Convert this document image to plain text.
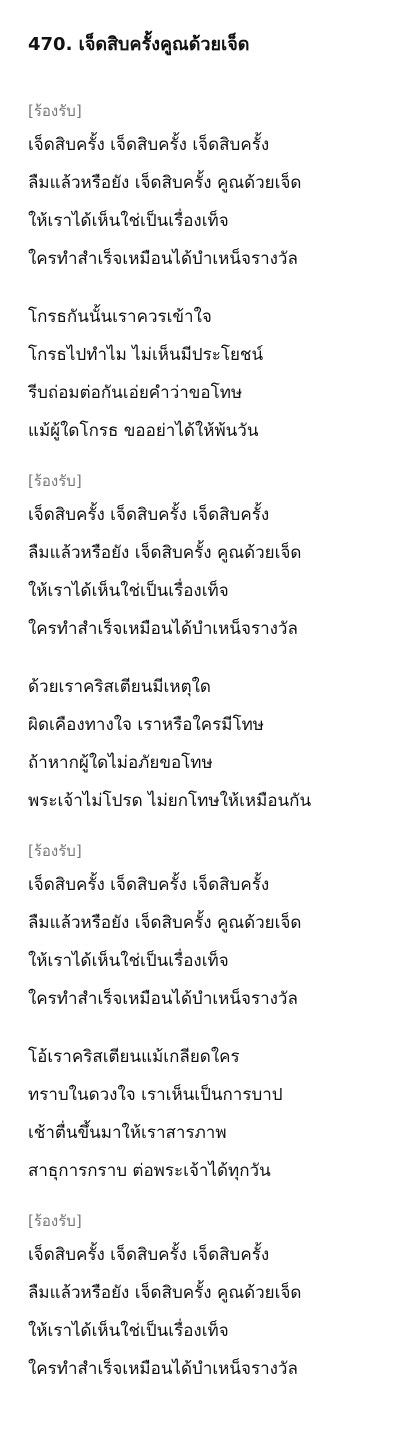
470. เจ็ดสิบครั้งคูณด้วยเจ็ด
[ร้องรับ]
เจ็ดสิบครั้ง เจ็ดสิบครั้ง เจ็ดสิบครั้ง
ลืมแล้วหรือยัง เจ็ดสิบครั้ง คูณด้วยเจ็ด
ให้เราได้เห็นใช่เป็นเรื่องเท็จ
ใครทำสำเร็จเหมือนได้บำเหน็จรางวัล
โกรธกันนั้นเราควรเข้าใจ
โกรธไปทำไม ไม่เห็นมีประโยชน์
รีบถ่อมต่อกันเอ่ยคำว่าขอโทษ
แม้ผู้ใดโกรธ ขออย่าได้ให้พ้นวัน
[ร้องรับ]
เจ็ดสิบครั้ง เจ็ดสิบครั้ง เจ็ดสิบครั้ง
ลืมแล้วหรือยัง เจ็ดสิบครั้ง คูณด้วยเจ็ด
ให้เราได้เห็นใช่เป็นเรื่องเท็จ
ใครทำสำเร็จเหมือนได้บำเหน็จรางวัล
ด้วยเราคริสเตียนมีเหตุใด
ผิดเคืองทางใจ เราหรือใครมีโทษ
ถ้าหากผู้ใดไม่อภัยขอโทษ
พระเจ้าไม่โปรด ไม่ยกโทษให้เหมือนกัน
[ร้องรับ]
เจ็ดสิบครั้ง เจ็ดสิบครั้ง เจ็ดสิบครั้ง
ลืมแล้วหรือยัง เจ็ดสิบครั้ง คูณด้วยเจ็ด
ให้เราได้เห็นใช่เป็นเรื่องเท็จ
ใครทำสำเร็จเหมือนได้บำเหน็จรางวัล
โอ้เราคริสเตียนแม้เกลียดใคร
ทราบในดวงใจ เราเห็นเป็นการบาป
เช้าตื่นขึ้นมาให้เราสารภาพ
สาธุการกราบ ต่อพระเจ้าได้ทุกวัน
[ร้องรับ]
เจ็ดสิบครั้ง เจ็ดสิบครั้ง เจ็ดสิบครั้ง
ลืมแล้วหรือยัง เจ็ดสิบครั้ง คูณด้วยเจ็ด
ให้เราได้เห็นใช่เป็นเรื่องเท็จ
ใครทำสำเร็จเหมือนได้บำเหน็จรางวัล
